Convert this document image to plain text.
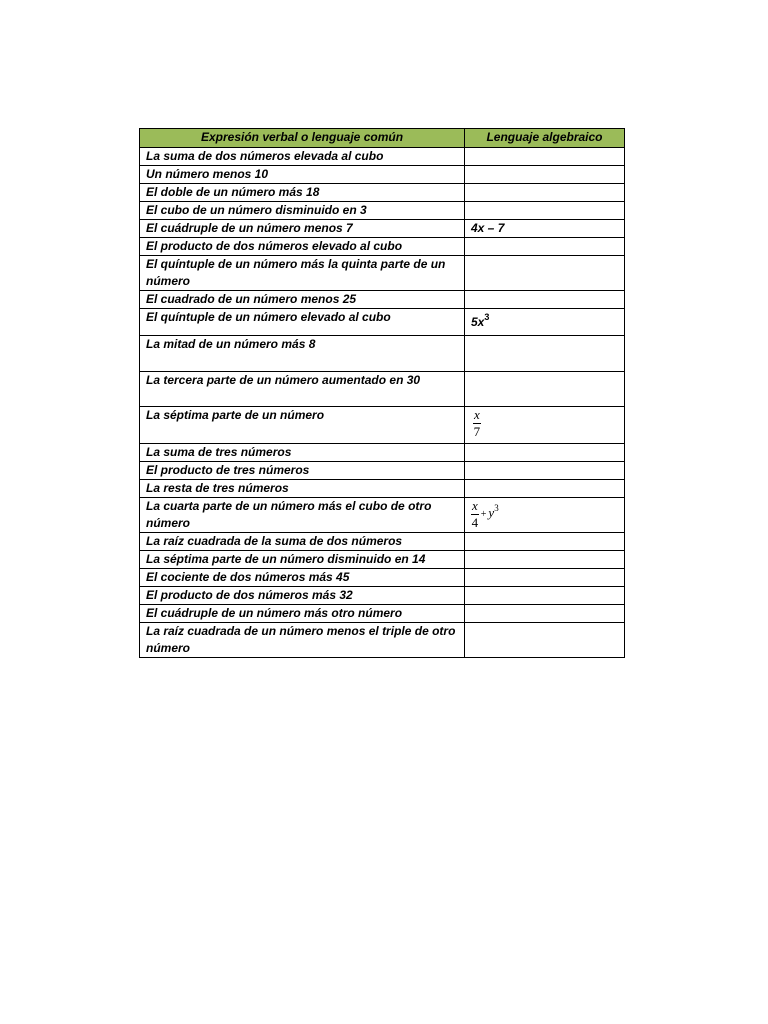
Expresión verbal o lenguaje común	Lenguaje algebraico
La suma de dos números elevada al cubo	
Un número menos 10	
El doble de un número más 18	
El cubo de un número disminuido en 3	
El cuádruple de un número menos 7	4x – 7
El producto de dos números elevado al cubo	
El quíntuple de un número más la quinta parte de un número	
El cuadrado de un número menos 25	
El quíntuple de un número elevado al cubo	$5x^3$
La mitad de un número más 8	
La tercera parte de un número aumentado en 30	
La séptima parte de un número	$\frac{x}{7}$

La suma de tres números	
El producto de tres números	
La resta de tres números	
La cuarta parte de un número más el cubo de otro número	$\frac{x}{4} + y^3$
La raíz cuadrada de la suma de dos números	
La séptima parte de un número disminuido en 14	
El cociente de dos números más 45	
El producto de dos números más 32	
El cuádruple de un número más otro número	
La raíz cuadrada de un número menos el triple de otro número	
